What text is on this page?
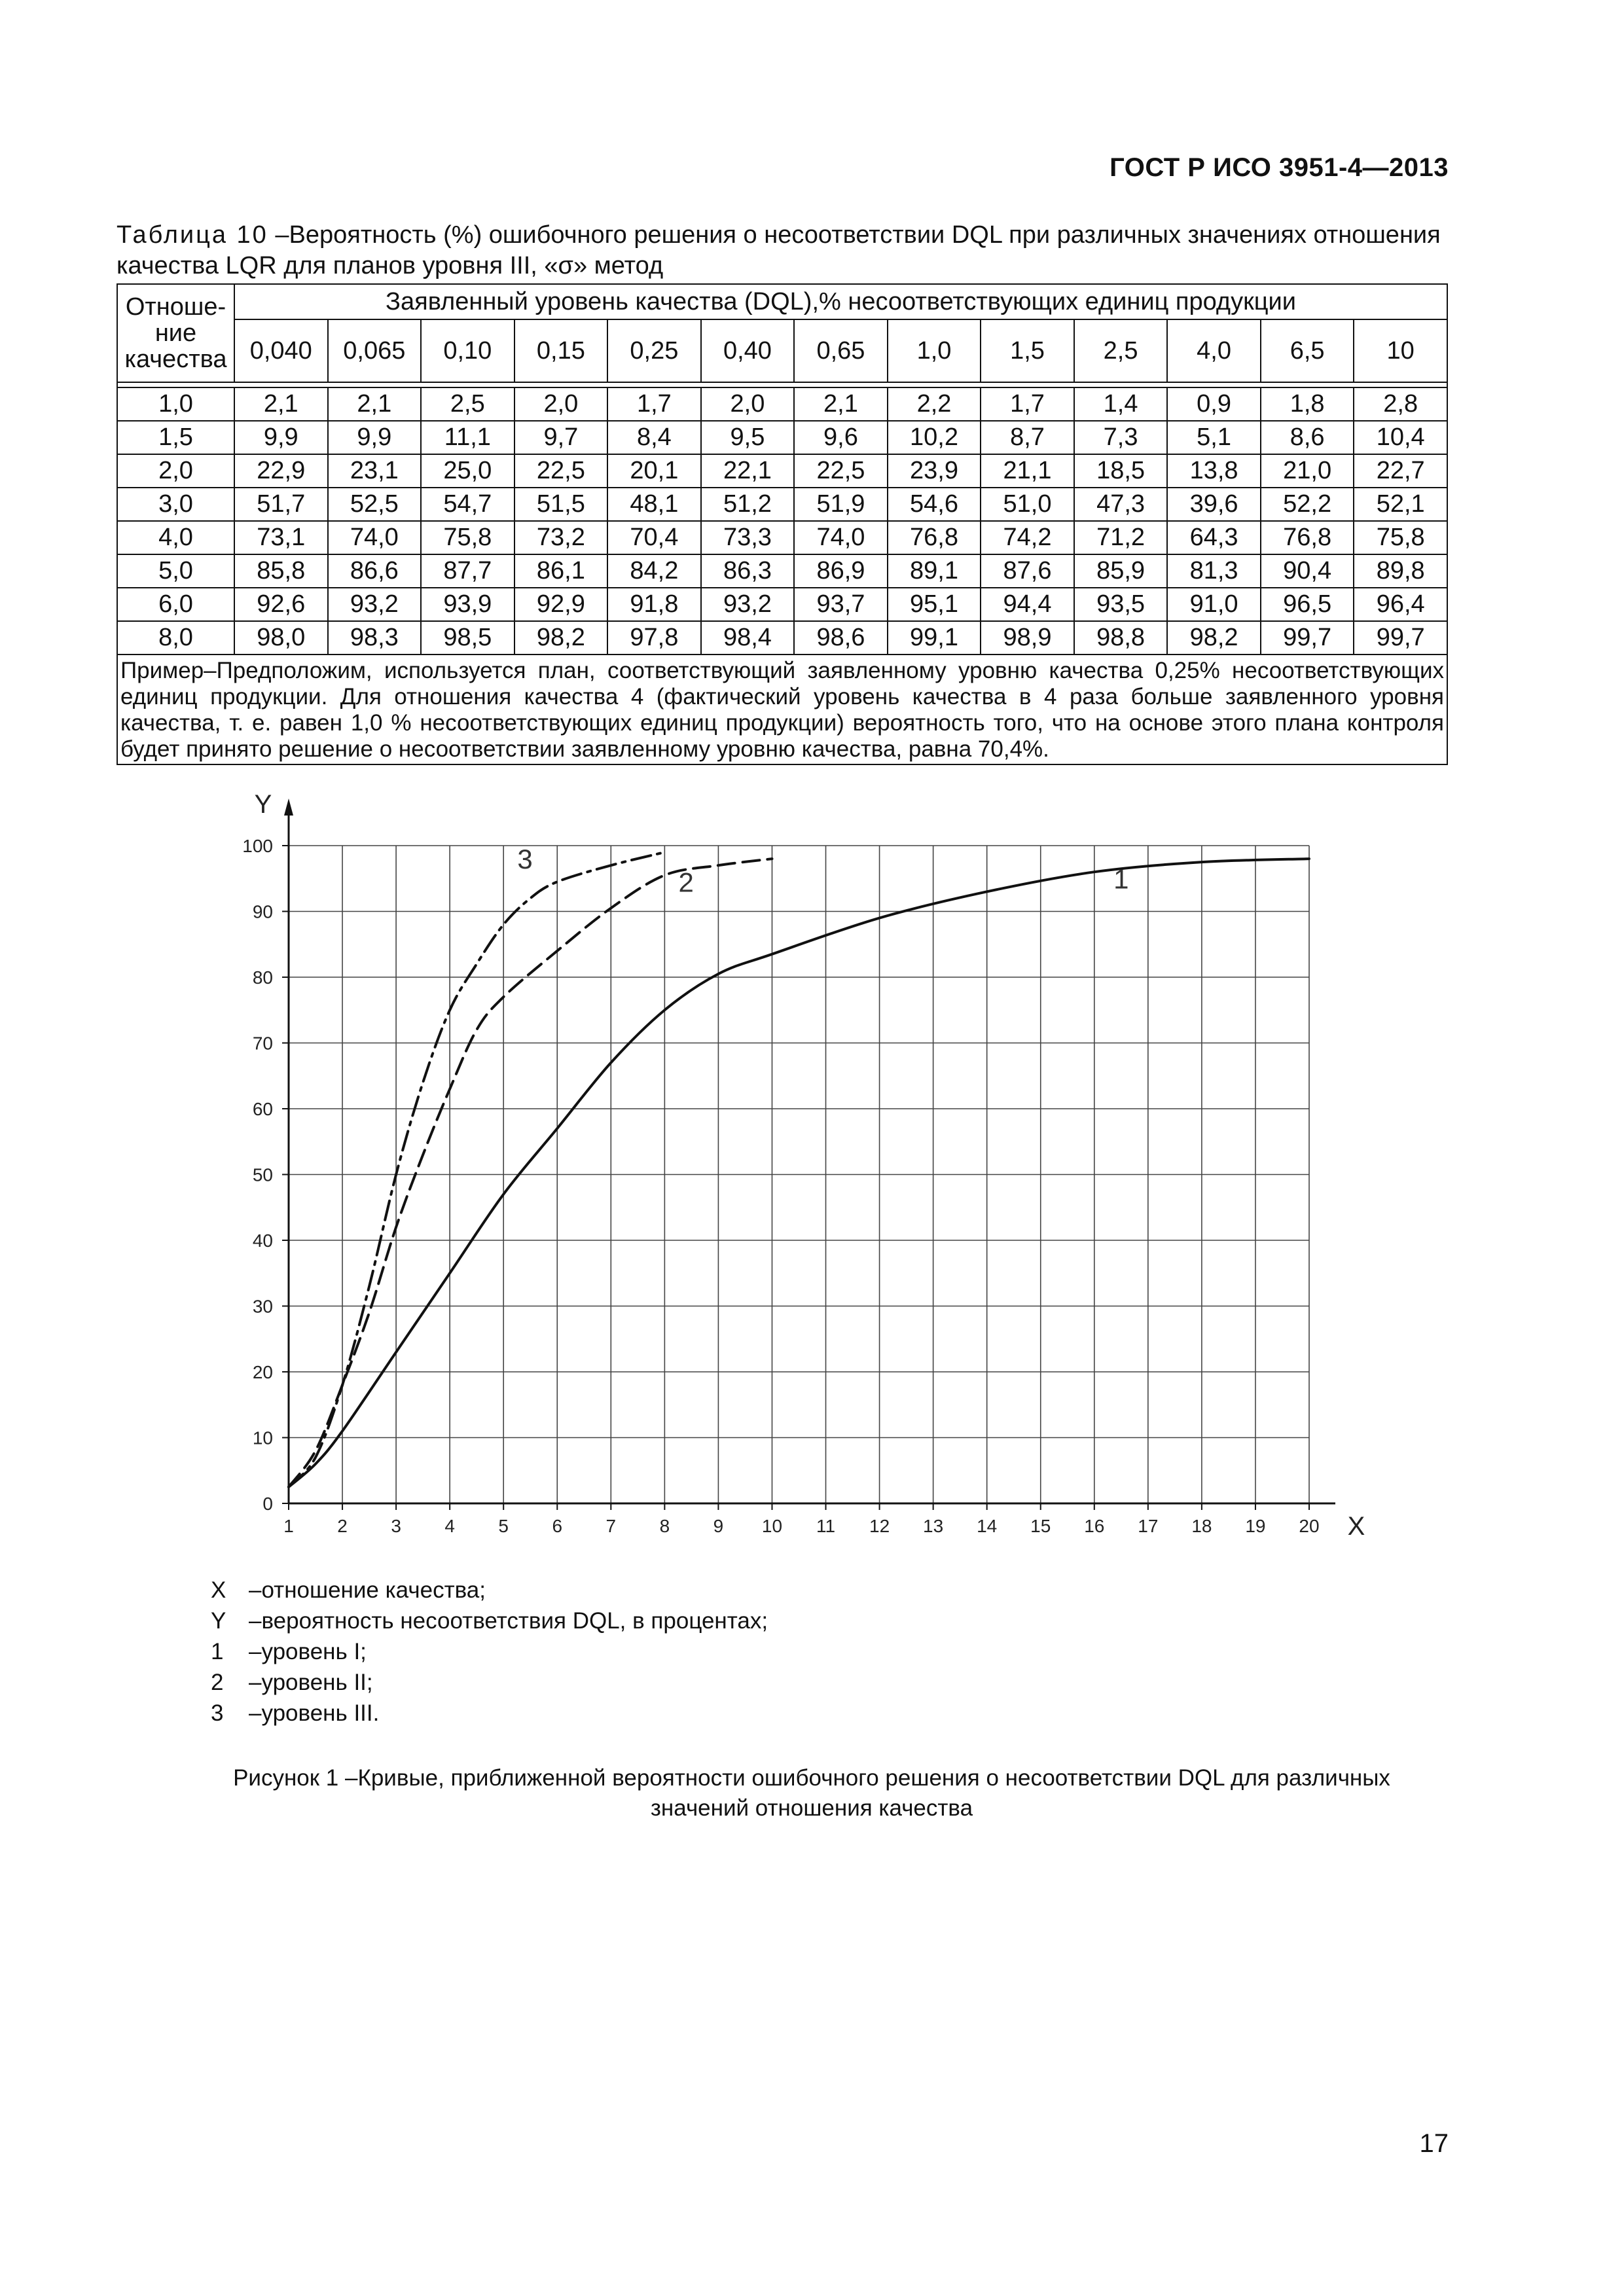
ГОСТ Р ИСО 3951-4—2013
Таблица 10 –Вероятность (%) ошибочного решения о несоответствии DQL при различных значениях отношения качества LQR для планов уровня III, «σ» метод
Отноше-ние качества	Заявленный уровень качества (DQL),% несоответствующих единиц продукции												
	0,040	0,065	0,10	0,15	0,25	0,40	0,65	1,0	1,5	2,5	4,0	6,5	10

1,0	2,1	2,1	2,5	2,0	1,7	2,0	2,1	2,2	1,7	1,4	0,9	1,8	2,8
1,5	9,9	9,9	11,1	9,7	8,4	9,5	9,6	10,2	8,7	7,3	5,1	8,6	10,4
2,0	22,9	23,1	25,0	22,5	20,1	22,1	22,5	23,9	21,1	18,5	13,8	21,0	22,7
3,0	51,7	52,5	54,7	51,5	48,1	51,2	51,9	54,6	51,0	47,3	39,6	52,2	52,1
4,0	73,1	74,0	75,8	73,2	70,4	73,3	74,0	76,8	74,2	71,2	64,3	76,8	75,8
5,0	85,8	86,6	87,7	86,1	84,2	86,3	86,9	89,1	87,6	85,9	81,3	90,4	89,8
6,0	92,6	93,2	93,9	92,9	91,8	93,2	93,7	95,1	94,4	93,5	91,0	96,5	96,4
8,0	98,0	98,3	98,5	98,2	97,8	98,4	98,6	99,1	98,9	98,8	98,2	99,7	99,7
Пример–Предположим, используется план, соответствующий заявленному уровню качества 0,25% несоответствующих единиц продукции. Для отношения качества 4 (фактический уровень качества в 4 раза больше заявленного уровня качества, т. е. равен 1,0 % несоответствующих единиц продукции) вероятность того, что на основе этого плана контроля будет принято решение о несоответствии заявленному уровню качества, равна 70,4%.													
1 2 3 4 5 6 7 8 9 10 11 12 13 14 15 16 17 18 19 20
0
10
20
30
40
50
60
70
80
90
100
X
Y
1
2
3
X –отношение качества;
Y –вероятность несоответствия DQL, в процентах;
1 –уровень I;
2 –уровень II;
3 –уровень III.
Рисунок 1 –Кривые, приближенной вероятности ошибочного решения о несоответствии DQL для различных
значений отношения качества
17
